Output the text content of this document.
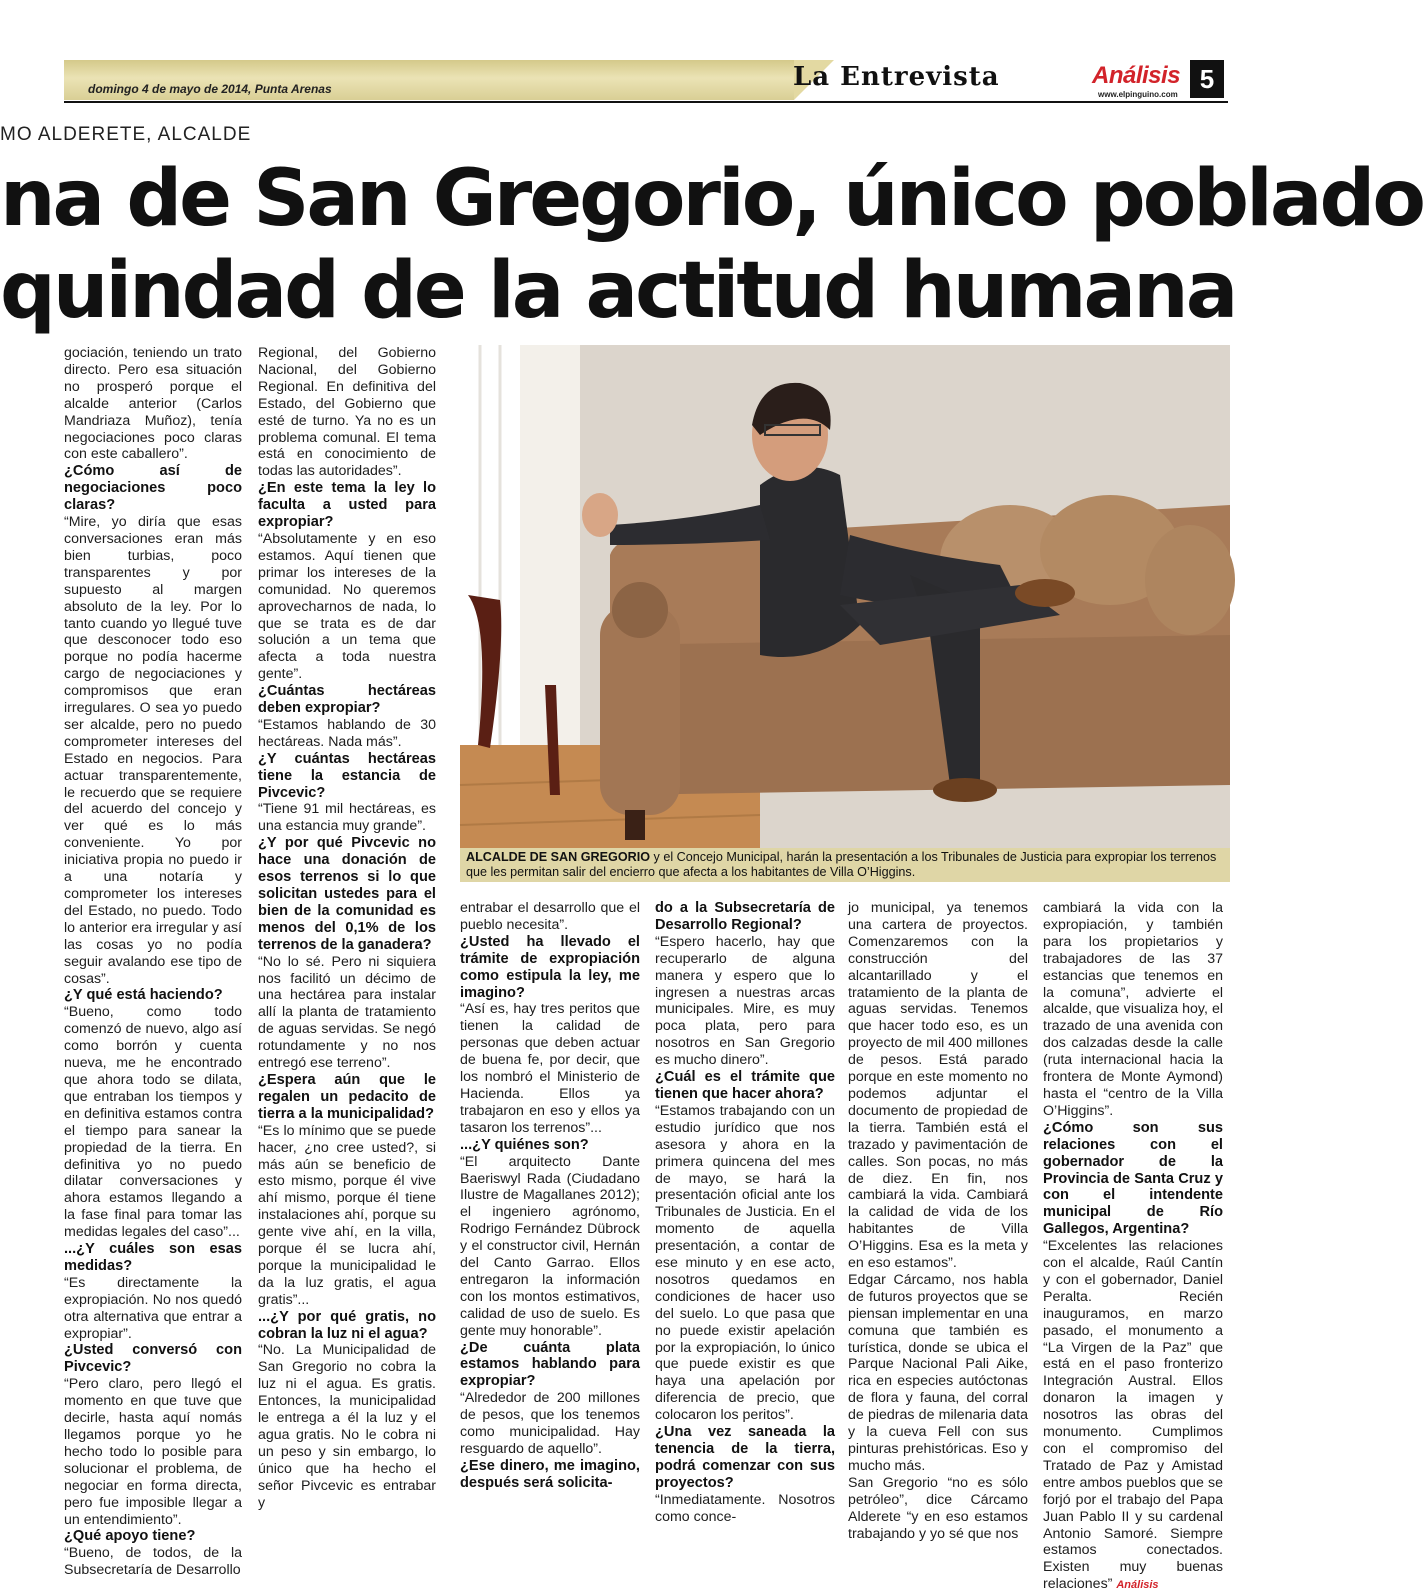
domingo 4 de mayo de 2014, Punta Arenas	La Entrevista	Análisis
www.elpinguino.com
5
MO ALDERETE, ALCALDE
na de San Gregorio, único poblado
quindad de la actitud humana

gociación, teniendo un trato directo. Pero esa situación no prosperó porque el alcalde anterior (Carlos Mandriaza Muñoz), tenía negociaciones poco claras con este caballero”.

¿Cómo así de negociaciones poco claras?

“Mire, yo diría que esas conversaciones eran más bien turbias, poco transparentes y por supuesto al margen absoluto de la ley. Por lo tanto cuando yo llegué tuve que desconocer todo eso porque no podía hacerme cargo de negociaciones y compromisos que eran irregulares. O sea yo puedo ser alcalde, pero no puedo comprometer intereses del Estado en negocios. Para actuar transparentemente, le recuerdo que se requiere del acuerdo del concejo y ver qué es lo más conveniente. Yo por iniciativa propia no puedo ir a una notaría y comprometer los intereses del Estado, no puedo. Todo lo anterior era irregular y así las cosas yo no podía seguir avalando ese tipo de cosas”.

¿Y qué está haciendo?

“Bueno, como todo comenzó de nuevo, algo así como borrón y cuenta nueva, me he encontrado que ahora todo se dilata, que entraban los tiempos y en definitiva estamos contra el tiempo para sanear la propiedad de la tierra. En definitiva yo no puedo dilatar conversaciones y ahora estamos llegando a la fase final para tomar las medidas legales del caso”...

...¿Y cuáles son esas medidas?

“Es directamente la expropiación. No nos quedó otra alternativa que entrar a expropiar”.

¿Usted conversó con Pivcevic?

“Pero claro, pero llegó el momento en que tuve que decirle, hasta aquí nomás llegamos porque yo he hecho todo lo posible para solucionar el problema, de negociar en forma directa, pero fue imposible llegar a un entendimiento”.

¿Qué apoyo tiene?

“Bueno, de todos, de la Subsecretaría de Desarrollo

Regional, del Gobierno Nacional, del Gobierno Regional. En definitiva del Estado, del Gobierno que esté de turno. Ya no es un problema comunal. El tema está en conocimiento de todas las autoridades”.

¿En este tema la ley lo faculta a usted para expropiar?

“Absolutamente y en eso estamos. Aquí tienen que primar los intereses de la comunidad. No queremos aprovecharnos de nada, lo que se trata es de dar solución a un tema que afecta a toda nuestra gente”.

¿Cuántas hectáreas deben expropiar?

“Estamos hablando de 30 hectáreas. Nada más”.

¿Y cuántas hectáreas tiene la estancia de Pivcevic?

“Tiene 91 mil hectáreas, es una estancia muy grande”.

¿Y por qué Pivcevic no hace una donación de esos terrenos si lo que solicitan ustedes para el bien de la comunidad es menos del 0,1% de los terrenos de la ganadera?

“No lo sé. Pero ni siquiera nos facilitó un décimo de una hectárea para instalar allí la planta de tratamiento de aguas servidas. Se negó rotundamente y no nos entregó ese terreno”.

¿Espera aún que le regalen un pedacito de tierra a la municipalidad?

“Es lo mínimo que se puede hacer, ¿no cree usted?, si más aún se beneficio de esto mismo, porque él vive ahí mismo, porque él tiene instalaciones ahí, porque su gente vive ahí, en la villa, porque él se lucra ahí, porque la municipalidad le da la luz gratis, el agua gratis”...

...¿Y por qué gratis, no cobran la luz ni el agua?

“No. La Municipalidad de San Gregorio no cobra la luz ni el agua. Es gratis. Entonces, la municipalidad le entrega a él la luz y el agua gratis. No le cobra ni un peso y sin embargo, lo único que ha hecho el señor Pivcevic es entrabar y

ALCALDE DE SAN GREGORIO y el Concejo Municipal, harán la presentación a los Tribunales de Justicia para expropiar los terrenos que les permitan salir del encierro que afecta a los habitantes de Villa O’Higgins.

entrabar el desarrollo que el pueblo necesita”.

¿Usted ha llevado el trámite de expropiación como estipula la ley, me imagino?

“Así es, hay tres peritos que tienen la calidad de personas que deben actuar de buena fe, por decir, que los nombró el Ministerio de Hacienda. Ellos ya trabajaron en eso y ellos ya tasaron los terrenos”...

...¿Y quiénes son?

“El arquitecto Dante Baeriswyl Rada (Ciudadano Ilustre de Magallanes 2012); el ingeniero agrónomo, Rodrigo Fernández Dübrock y el constructor civil, Hernán del Canto Garrao. Ellos entregaron la información con los montos estimativos, calidad de uso de suelo. Es gente muy honorable”.

¿De cuánta plata estamos hablando para expropiar?

“Alrededor de 200 millones de pesos, que los tenemos como municipalidad. Hay resguardo de aquello”.

¿Ese dinero, me imagino, después será solicita-

do a la Subsecretaría de Desarrollo Regional?

“Espero hacerlo, hay que recuperarlo de alguna manera y espero que lo ingresen a nuestras arcas municipales. Mire, es muy poca plata, pero para nosotros en San Gregorio es mucho dinero”.

¿Cuál es el trámite que tienen que hacer ahora?

“Estamos trabajando con un estudio jurídico que nos asesora y ahora en la primera quincena del mes de mayo, se hará la presentación oficial ante los Tribunales de Justicia. En el momento de aquella presentación, a contar de ese minuto y en ese acto, nosotros quedamos en condiciones de hacer uso del suelo. Lo que pasa que no puede existir apelación por la expropiación, lo único que puede existir es que haya una apelación por diferencia de precio, que colocaron los peritos”.

¿Una vez saneada la tenencia de la tierra, podrá comenzar con sus proyectos?

“Inmediatamente. Nosotros como conce-

jo municipal, ya tenemos una cartera de proyectos. Comenzaremos con la construcción del alcantarillado y el tratamiento de la planta de aguas servidas. Tenemos que hacer todo eso, es un proyecto de mil 400 millones de pesos. Está parado porque en este momento no podemos adjuntar el documento de propiedad de la tierra. También está el trazado y pavimentación de calles. Son pocas, no más de diez. En fin, nos cambiará la vida. Cambiará la calidad de vida de los habitantes de Villa O’Higgins. Esa es la meta y en eso estamos”.

Edgar Cárcamo, nos habla de futuros proyectos que se piensan implementar en una comuna que también es turística, donde se ubica el Parque Nacional Pali Aike, rica en especies autóctonas de flora y fauna, del corral de piedras de milenaria data y la cueva Fell con sus pinturas prehistóricas. Eso y mucho más.

San Gregorio “no es sólo petróleo”, dice Cárcamo Alderete “y en eso estamos trabajando y yo sé que nos

cambiará la vida con la expropiación, y también para los propietarios y trabajadores de las 37 estancias que tenemos en la comuna”, advierte el alcalde, que visualiza hoy, el trazado de una avenida con dos calzadas desde la calle (ruta internacional hacia la frontera de Monte Aymond) hasta el “centro de la Villa O’Higgins”.

¿Cómo son sus relaciones con el gobernador de la Provincia de Santa Cruz y con el intendente municipal de Río Gallegos, Argentina?

“Excelentes las relaciones con el alcalde, Raúl Cantín y con el gobernador, Daniel Peralta. Recién inauguramos, en marzo pasado, el monumento a “La Virgen de la Paz” que está en el paso fronterizo Integración Austral. Ellos donaron la imagen y nosotros las obras del monumento. Cumplimos con el compromiso del Tratado de Paz y Amistad entre ambos pueblos que se forjó por el trabajo del Papa Juan Pablo II y su cardenal Antonio Samoré. Siempre estamos conectados. Existen muy buenas relaciones” Análisis
